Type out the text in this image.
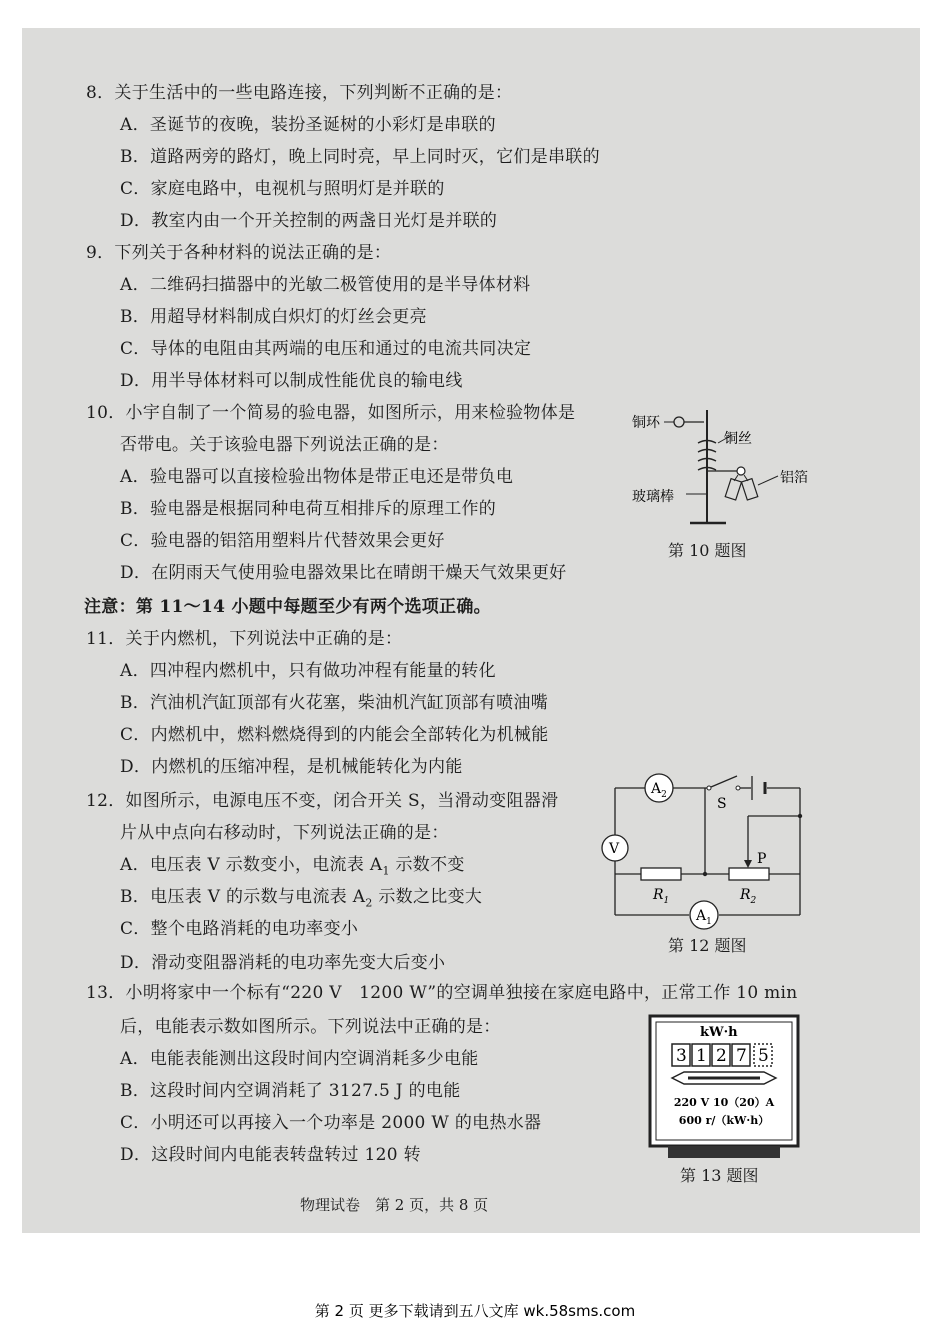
8．关于生活中的一些电路连接，下列判断不正确的是：
A．圣诞节的夜晚，装扮圣诞树的小彩灯是串联的
B．道路两旁的路灯，晚上同时亮，早上同时灭，它们是串联的
C．家庭电路中，电视机与照明灯是并联的
D．教室内由一个开关控制的两盏日光灯是并联的
9．下列关于各种材料的说法正确的是：
A．二维码扫描器中的光敏二极管使用的是半导体材料
B．用超导材料制成白炽灯的灯丝会更亮
C．导体的电阻由其两端的电压和通过的电流共同决定
D．用半导体材料可以制成性能优良的输电线
10．小宇自制了一个简易的验电器，如图所示，用来检验物体是
否带电。关于该验电器下列说法正确的是：
A．验电器可以直接检验出物体是带正电还是带负电
B．验电器是根据同种电荷互相排斥的原理工作的
C．验电器的铝箔用塑料片代替效果会更好
D．在阴雨天气使用验电器效果比在晴朗干燥天气效果更好
铜环
铝箔
铜丝
玻璃棒
第 10 题图
注意：第 11～14 小题中每题至少有两个选项正确。
11．关于内燃机，下列说法中正确的是：
A．四冲程内燃机中，只有做功冲程有能量的转化
B．汽油机汽缸顶部有火花塞，柴油机汽缸顶部有喷油嘴
C．内燃机中，燃料燃烧得到的内能会全部转化为机械能
D．内燃机的压缩冲程，是机械能转化为内能
12．如图所示，电源电压不变，闭合开关 S，当滑动变阻器滑
片从中点向右移动时，下列说法正确的是：
A．电压表 V 示数变小，电流表 $A_1$ 示数不变
B．电压表 V 的示数与电流表 $A_2$ 示数之比变大
C．整个电路消耗的电功率变小
D．滑动变阻器消耗的电功率先变大后变小
$A_2$
S
V
P
$R_1$	$R_2$
$A_1$
第 12 题图
13．小明将家中一个标有“220 V　1200 W”的空调单独接在家庭电路中，正常工作 10 min
后，电能表示数如图所示。下列说法中正确的是：
A．电能表能测出这段时间内空调消耗多少电能
B．这段时间内空调消耗了 3127.5 J 的电能
C．小明还可以再接入一个功率是 2000 W 的电热水器
D．这段时间内电能表转盘转过 120 转
kW·h
3 1 2 7 5
220 V 10（20）A
600 r/（kW·h）
第 13 题图
物理试卷　第 2 页，共 8 页
第 2 页 更多下载请到五八文库 wk.58sms.com
